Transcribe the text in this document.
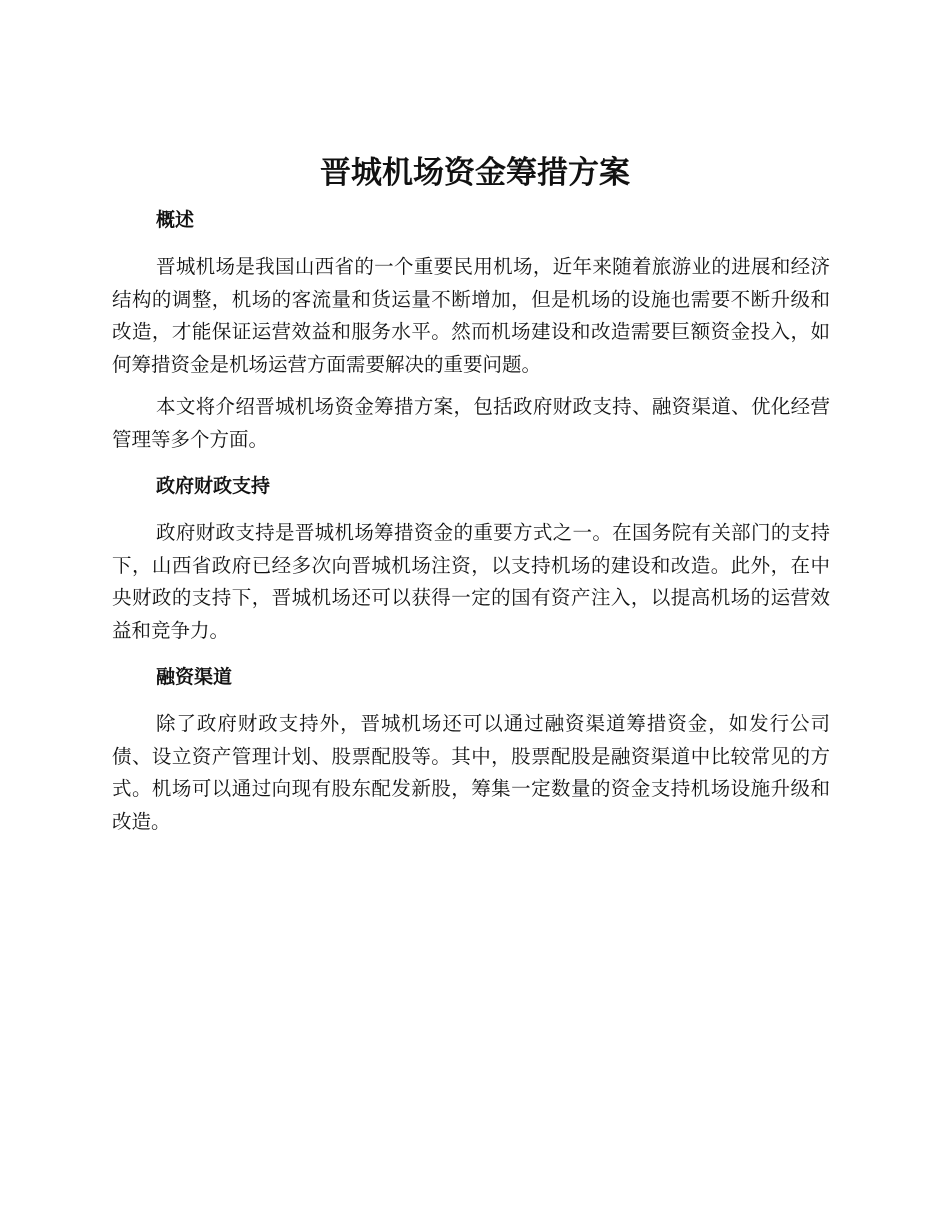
晋城机场资金筹措方案
概述

晋城机场是我国山西省的一个重要民用机场，近年来随着旅游业的进展和经济结构的调整，机场的客流量和货运量不断增加，但是机场的设施也需要不断升级和改造，才能保证运营效益和服务水平。然而机场建设和改造需要巨额资金投入，如何筹措资金是机场运营方面需要解决的重要问题。

本文将介绍晋城机场资金筹措方案，包括政府财政支持、融资渠道、优化经营管理等多个方面。

政府财政支持

政府财政支持是晋城机场筹措资金的重要方式之一。在国务院有关部门的支持下，山西省政府已经多次向晋城机场注资，以支持机场的建设和改造。此外，在中央财政的支持下，晋城机场还可以获得一定的国有资产注入，以提高机场的运营效益和竞争力。

融资渠道

除了政府财政支持外，晋城机场还可以通过融资渠道筹措资金，如发行公司债、设立资产管理计划、股票配股等。其中，股票配股是融资渠道中比较常见的方式。机场可以通过向现有股东配发新股，筹集一定数量的资金支持机场设施升级和改造。
